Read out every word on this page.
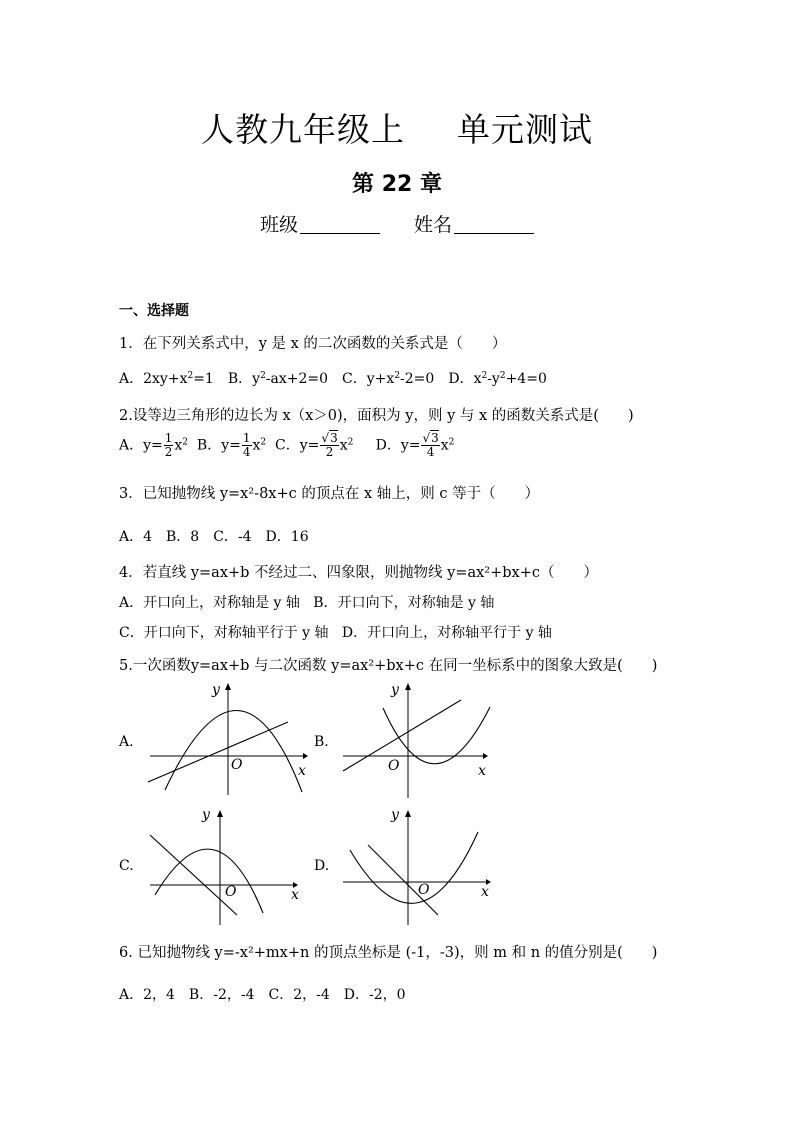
人教九年级上 单元测试
第 22 章
班级	姓名
一、选择题
1．在下列关系式中，y 是 x 的二次函数的关系式是（　　）
A．$2xy+x^2=1$ B．$y^2-ax+2=0$ C．$y+x^2-2=0$ D．$x^2-y^2+4=0$
2.设等边三角形的边长为 x（x＞0)，面积为 y，则 y 与 x 的函数关系式是(　　)
A．$y= \frac{1}{2} x^2$  B．$y= \frac{1}{4} x^2$  C．$y= \frac{√3}{2} x^2$     D．$y= \frac{√3}{4} x^2$
3．已知抛物线 y=x²-8x+c 的顶点在 x 轴上，则 c 等于（　　）
A．4　B．8　C．-4　D．16
4．若直线 y=ax+b 不经过二、四象限，则抛物线 y=ax²+bx+c（　　）
A．开口向上，对称轴是 y 轴 B．开口向下，对称轴是 y 轴
C．开口向下，对称轴平行于 y 轴 D．开口向上，对称轴平行于 y 轴
5.一次函数y=ax+b 与二次函数 y=ax²+bx+c 在同一坐标系中的图象大致是(　　)
A.
O	x
y
B.
O	x
y
C.
O	x
y
D.
O	x
y
6. 已知抛物线 y=-x²+mx+n 的顶点坐标是 (-1，-3)，则 m 和 n 的值分别是(　　)
A．2，4　B．-2，-4　C．2，-4　D．-2，0
